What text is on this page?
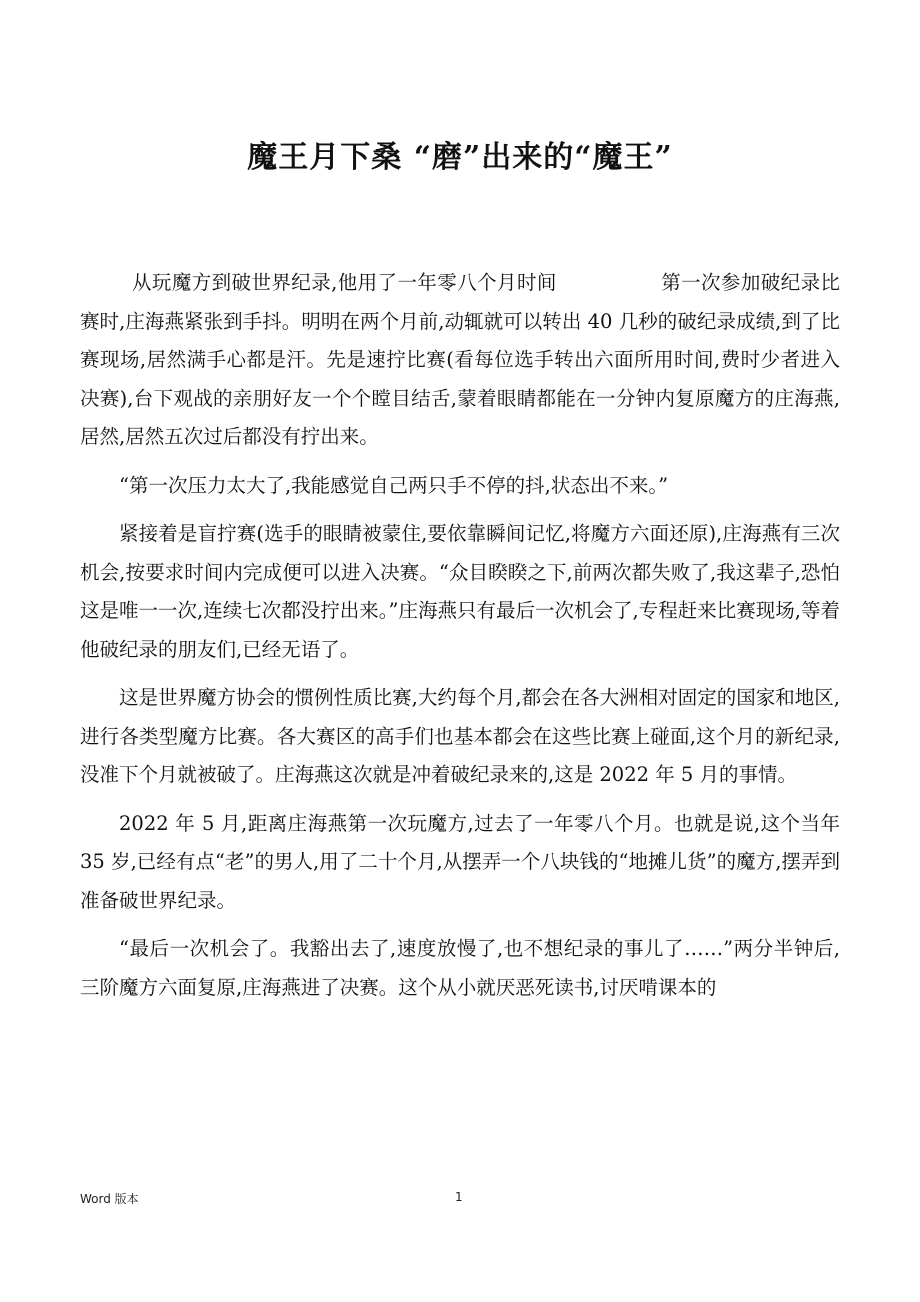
魔王月下桑 “磨”出来的“魔王”

从玩魔方到破世界纪录,他用了一年零八个月时间	第一次参加破纪录比赛时,庄海燕紧张到手抖。明明在两个月前,动辄就可以转出 40 几秒的破纪录成绩,到了比赛现场,居然满手心都是汗。先是速拧比赛(看每位选手转出六面所用时间,费时少者进入决赛),台下观战的亲朋好友一个个瞠目结舌,蒙着眼睛都能在一分钟内复原魔方的庄海燕,居然,居然五次过后都没有拧出来。

“第一次压力太大了,我能感觉自己两只手不停的抖,状态出不来。”

紧接着是盲拧赛(选手的眼睛被蒙住,要依靠瞬间记忆,将魔方六面还原),庄海燕有三次机会,按要求时间内完成便可以进入决赛。“众目睽睽之下,前两次都失败了,我这辈子,恐怕这是唯一一次,连续七次都没拧出来。”庄海燕只有最后一次机会了,专程赶来比赛现场,等着他破纪录的朋友们,已经无语了。

这是世界魔方协会的惯例性质比赛,大约每个月,都会在各大洲相对固定的国家和地区,进行各类型魔方比赛。各大赛区的高手们也基本都会在这些比赛上碰面,这个月的新纪录,没准下个月就被破了。庄海燕这次就是冲着破纪录来的,这是 2022 年 5 月的事情。

2022 年 5 月,距离庄海燕第一次玩魔方,过去了一年零八个月。也就是说,这个当年 35 岁,已经有点“老”的男人,用了二十个月,从摆弄一个八块钱的“地摊儿货”的魔方,摆弄到准备破世界纪录。

“最后一次机会了。我豁出去了,速度放慢了,也不想纪录的事儿了……”两分半钟后,三阶魔方六面复原,庄海燕进了决赛。这个从小就厌恶死读书,讨厌啃课本的

Word 版本	1
